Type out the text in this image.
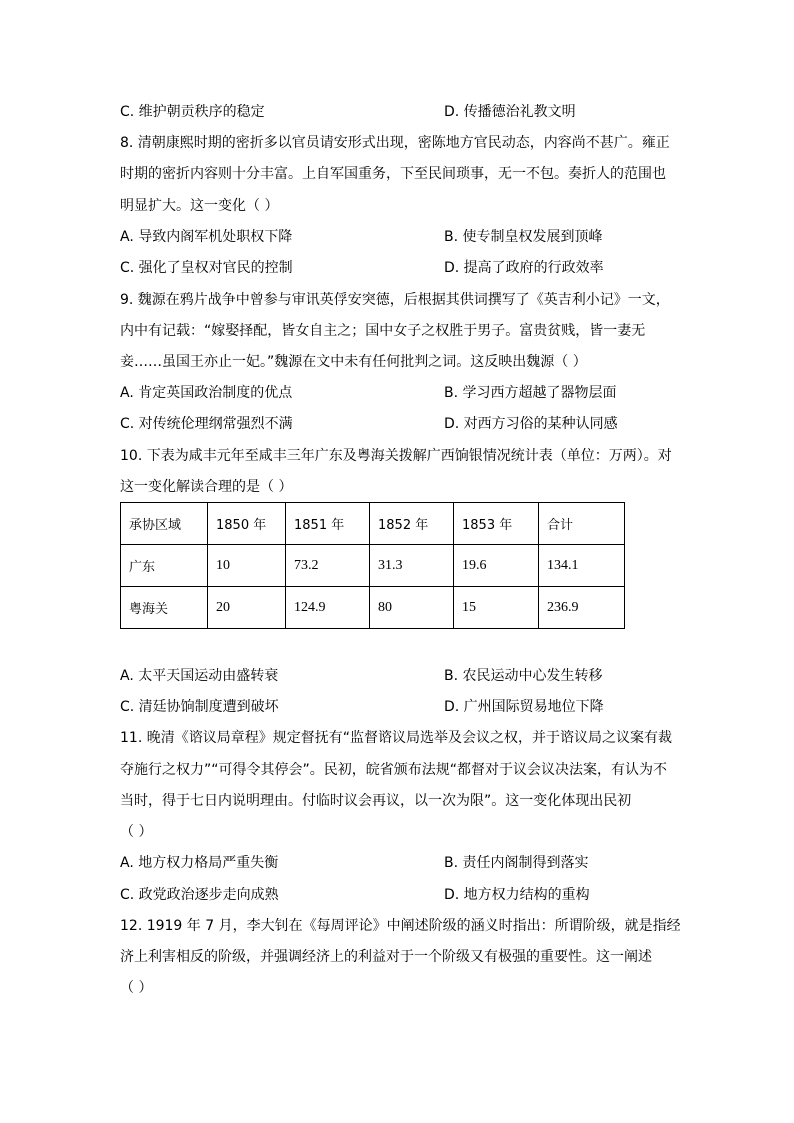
C. 维护朝贡秩序的稳定	D. 传播德治礼教文明
8. 清朝康熙时期的密折多以官员请安形式出现，密陈地方官民动态，内容尚不甚广。雍正
时期的密折内容则十分丰富。上自军国重务，下至民间琐事，无一不包。奏折人的范围也
明显扩大。这一变化（ ）
A. 导致内阁军机处职权下降	B. 使专制皇权发展到顶峰
C. 强化了皇权对官民的控制	D. 提高了政府的行政效率
9. 魏源在鸦片战争中曾参与审讯英俘安突德，后根据其供词撰写了《英吉利小记》一文，
内中有记载：“嫁娶择配，皆女自主之；国中女子之权胜于男子。富贵贫贱，皆一妻无
妾……虽国王亦止一妃。”魏源在文中未有任何批判之词。这反映出魏源（ ）
A. 肯定英国政治制度的优点	B. 学习西方超越了器物层面
C. 对传统伦理纲常强烈不满	D. 对西方习俗的某种认同感
10. 下表为咸丰元年至咸丰三年广东及粤海关拨解广西饷银情况统计表（单位：万两）。对
这一变化解读合理的是（ ）
承协区域	1850 年	1851 年	1852 年	1853 年	合计
广东	10	73.2	31.3	19.6	134.1
粤海关	20	124.9	80	15	236.9
A. 太平天国运动由盛转衰	B. 农民运动中心发生转移
C. 清廷协饷制度遭到破坏	D. 广州国际贸易地位下降
11. 晚清《谘议局章程》规定督抚有“监督谘议局选举及会议之权，并于谘议局之议案有裁
夺施行之权力”“可得令其停会”。民初，皖省颁布法规“都督对于议会议决法案，有认为不
当时，得于七日内说明理由。付临时议会再议，以一次为限”。这一变化体现出民初
（ ）
A. 地方权力格局严重失衡	B. 责任内阁制得到落实
C. 政党政治逐步走向成熟	D. 地方权力结构的重构
12. 1919 年 7 月，李大钊在《每周评论》中阐述阶级的涵义时指出：所谓阶级，就是指经
济上利害相反的阶级，并强调经济上的利益对于一个阶级又有极强的重要性。这一阐述
（ ）
